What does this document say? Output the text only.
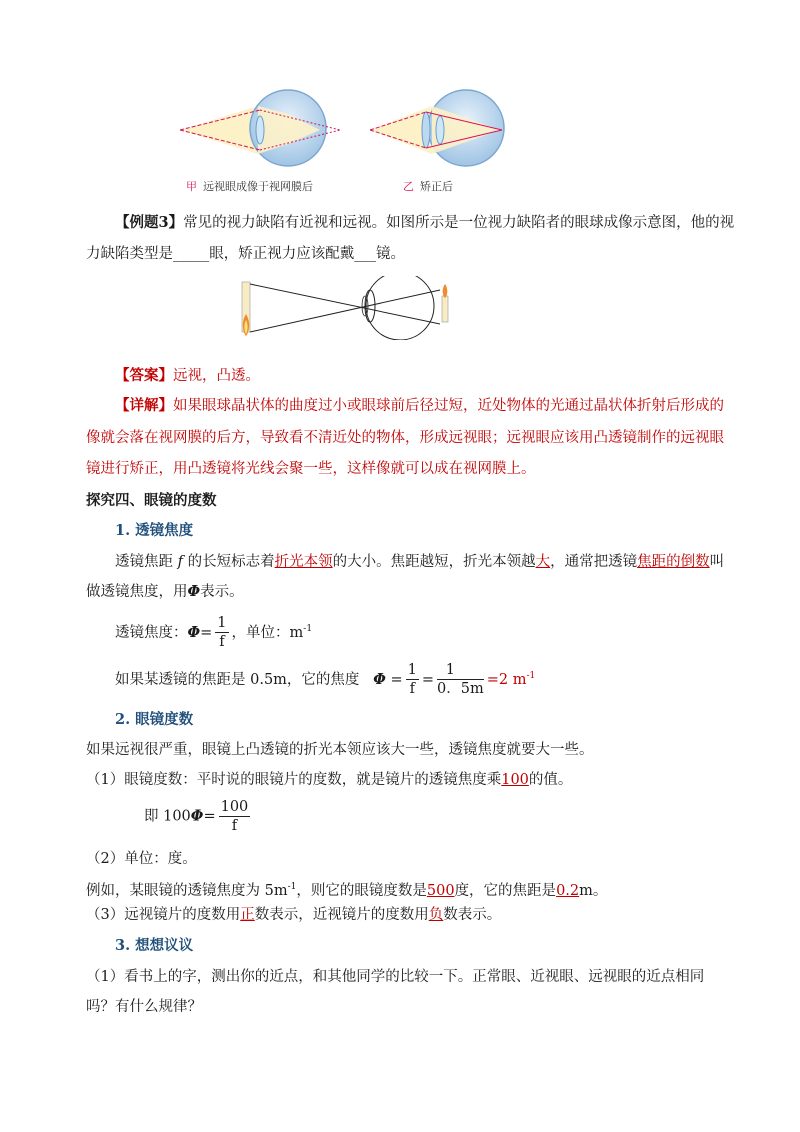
甲 远视眼成像于视网膜后	乙 矫正后
【例题3】常见的视力缺陷有近视和远视。如图所示是一位视力缺陷者的眼球成像示意图，他的视
力缺陷类型是_____眼，矫正视力应该配戴___镜。
【答案】远视，凸透。
【详解】如果眼球晶状体的曲度过小或眼球前后径过短，近处物体的光通过晶状体折射后形成的
像就会落在视网膜的后方，导致看不清近处的物体，形成远视眼；远视眼应该用凸透镜制作的远视眼
镜进行矫正，用凸透镜将光线会聚一些，这样像就可以成在视网膜上。
探究四、眼镜的度数
1. 透镜焦度
透镜焦距 f 的长短标志着折光本领的大小。焦距越短，折光本领越大，通常把透镜焦距的倒数叫
做透镜焦度，用Φ表示。
透镜焦度：$\Phi= \frac{1}{f}$ ，单位：$m^{-1}$
如果某透镜的焦距是 0.5m，它的焦度 $\Phi = \frac{1}{f} = \frac{1}{0.5m} =2$ $m^{-1}$
2. 眼镜度数
如果远视很严重，眼镜上凸透镜的折光本领应该大一些，透镜焦度就要大一些。
（1）眼镜度数：平时说的眼镜片的度数，就是镜片的透镜焦度乘100的值。
即 $100\Phi= \frac{100}{f}$
（2）单位：度。
例如，某眼镜的透镜焦度为 $5m^{-1}$，则它的眼镜度数是500度，它的焦距是0.2m。
（3）远视镜片的度数用正数表示，近视镜片的度数用负数表示。
3. 想想议议
（1）看书上的字，测出你的近点，和其他同学的比较一下。正常眼、近视眼、远视眼的近点相同
吗？有什么规律？
